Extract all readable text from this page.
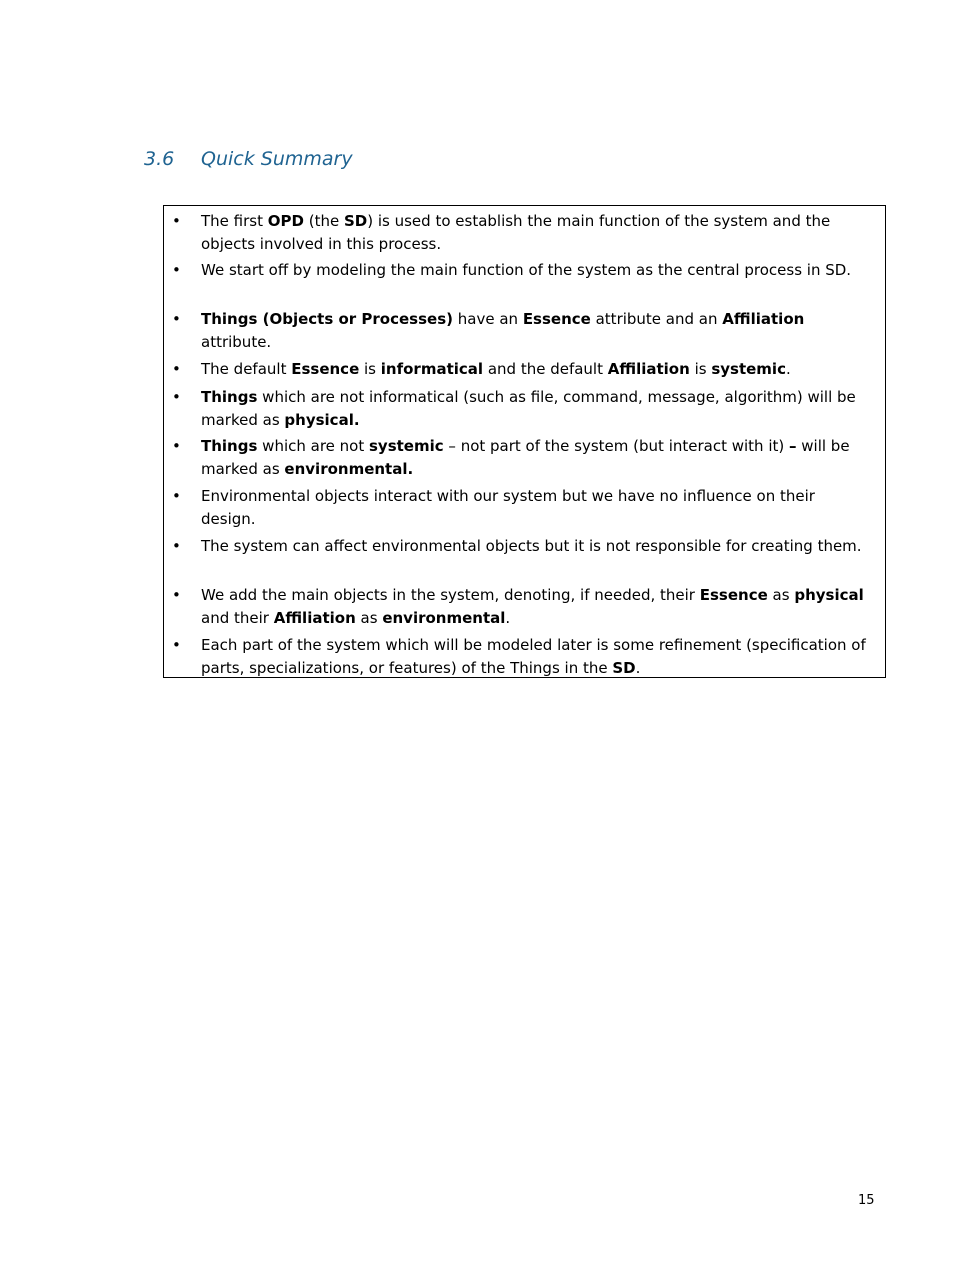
3.6 Quick Summary
• The first OPD (the SD) is used to establish the main function of the system and the objects involved in this process.
• We start off by modeling the main function of the system as the central process in SD.
• Things (Objects or Processes) have an Essence attribute and an Affiliation attribute.
• The default Essence is informatical and the default Affiliation is systemic.
• Things which are not informatical (such as file, command, message, algorithm) will be marked as physical.
• Things which are not systemic – not part of the system (but interact with it) – will be marked as environmental.
• Environmental objects interact with our system but we have no influence on their design.
• The system can affect environmental objects but it is not responsible for creating them.
• We add the main objects in the system, denoting, if needed, their Essence as physical and their Affiliation as environmental.
• Each part of the system which will be modeled later is some refinement (specification of parts, specializations, or features) of the Things in the SD.
15
